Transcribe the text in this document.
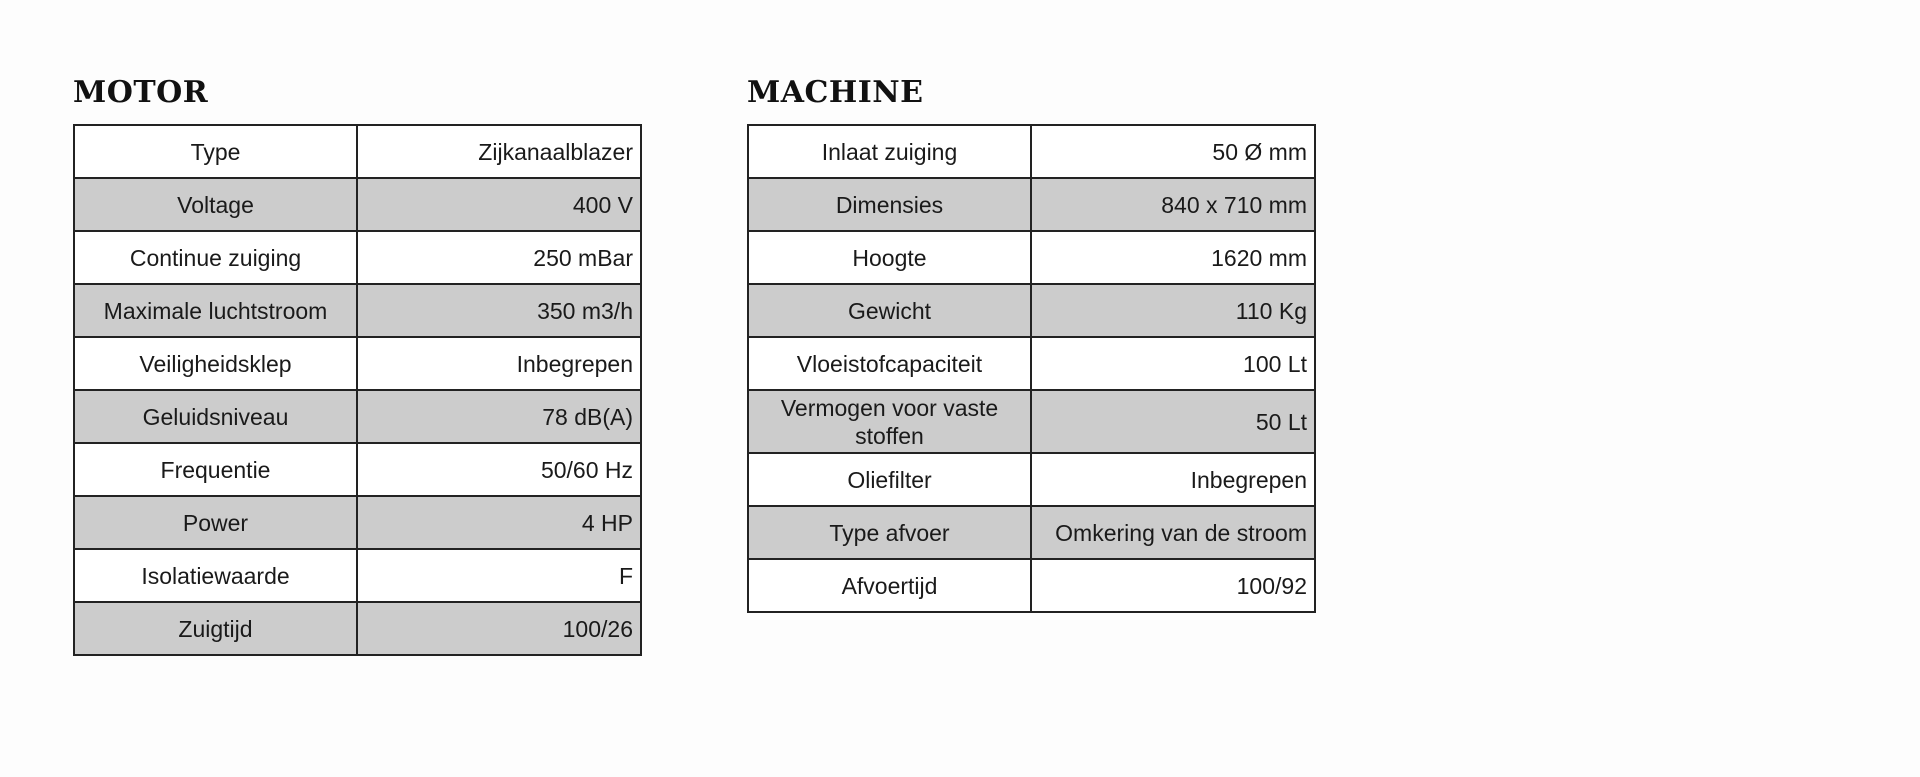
MOTOR
Type	Zijkanaalblazer
Voltage	400 V
Continue zuiging	250 mBar
Maximale luchtstroom	350 m3/h
Veiligheidsklep	Inbegrepen
Geluidsniveau	78 dB(A)
Frequentie	50/60 Hz
Power	4 HP
Isolatiewaarde	F
Zuigtijd	100/26
MACHINE
Inlaat zuiging	50 Ø mm
Dimensies	840 x 710 mm
Hoogte	1620 mm
Gewicht	110 Kg
Vloeistofcapaciteit	100 Lt
Vermogen voor vaste stoffen	50 Lt
Oliefilter	Inbegrepen
Type afvoer	Omkering van de stroom
Afvoertijd	100/92
